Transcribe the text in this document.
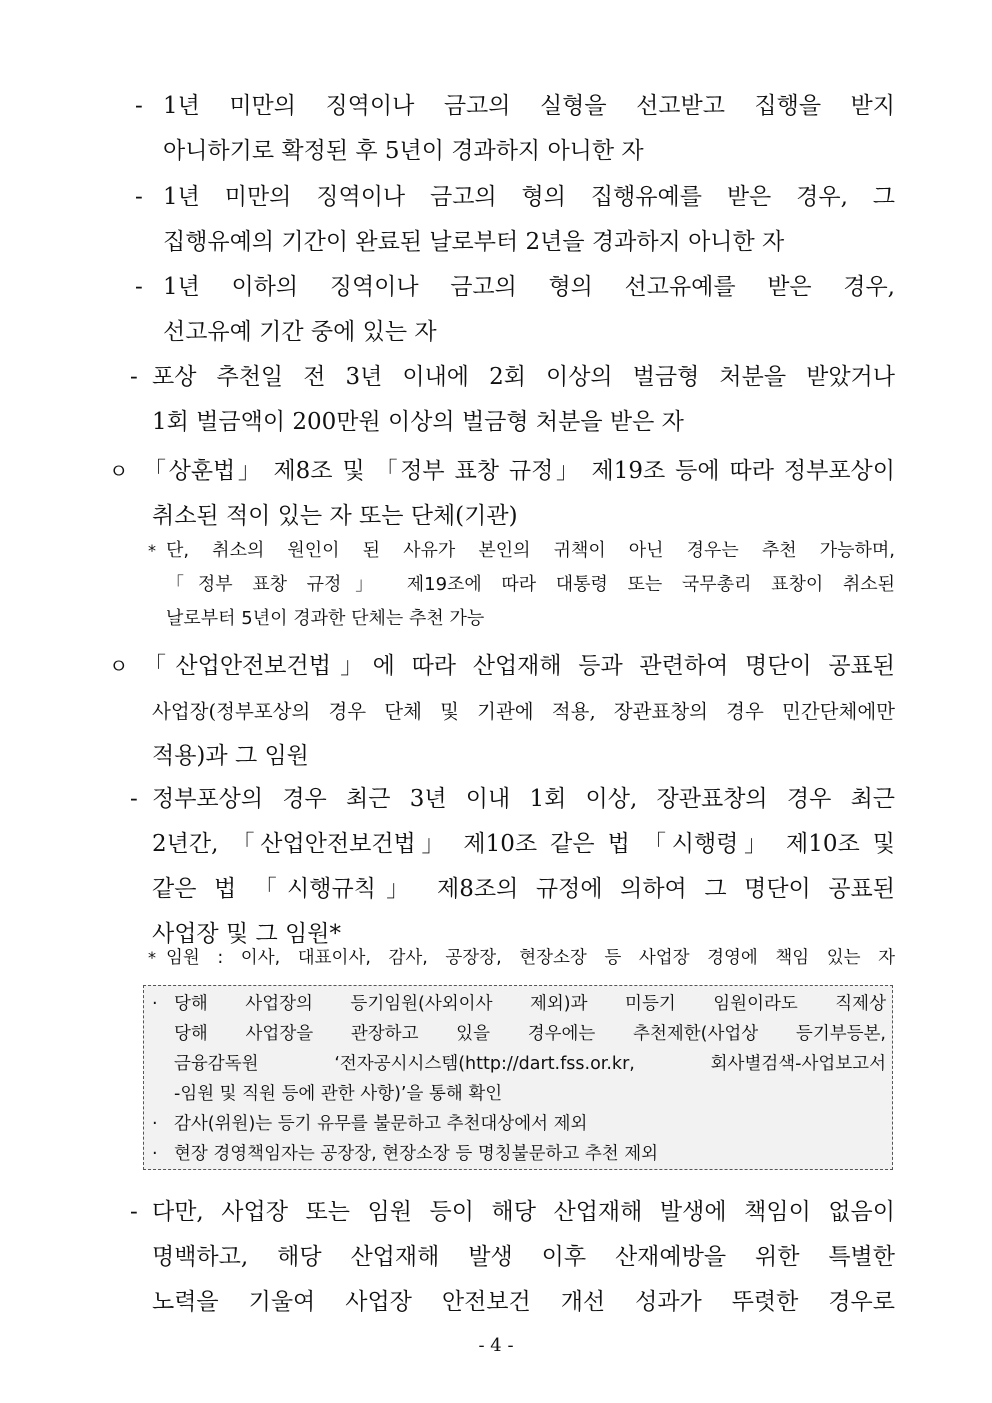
- 1년 미만의 징역이나 금고의 실형을 선고받고 집행을 받지
아니하기로 확정된 후 5년이 경과하지 아니한 자
- 1년 미만의 징역이나 금고의 형의 집행유예를 받은 경우, 그
집행유예의 기간이 완료된 날로부터 2년을 경과하지 아니한 자
- 1년 이하의 징역이나 금고의 형의 선고유예를 받은 경우,
선고유예 기간 중에 있는 자
- 포상 추천일 전 3년 이내에 2회 이상의 벌금형 처분을 받았거나
1회 벌금액이 200만원 이상의 벌금형 처분을 받은 자
ㅇ 「상훈법」 제8조 및 「정부 표창 규정」 제19조 등에 따라 정부포상이
취소된 적이 있는 자 또는 단체(기관)
* 단, 취소의 원인이 된 사유가 본인의 귀책이 아닌 경우는 추천 가능하며,
「정부 표창 규정」 제19조에 따라 대통령 또는 국무총리 표창이 취소된
날로부터 5년이 경과한 단체는 추천 가능
ㅇ 「산업안전보건법」에 따라 산업재해 등과 관련하여 명단이 공표된
사업장(정부포상의 경우 단체 및 기관에 적용, 장관표창의 경우 민간단체에만
적용)과 그 임원
- 정부포상의 경우 최근 3년 이내 1회 이상, 장관표창의 경우 최근
2년간, 「산업안전보건법」 제10조 같은 법 「시행령」 제10조 및
같은 법 「시행규칙」 제8조의 규정에 의하여 그 명단이 공표된
사업장 및 그 임원*
* 임원 : 이사, 대표이사, 감사, 공장장, 현장소장 등 사업장 경영에 책임 있는 자
· 당해 사업장의 등기임원(사외이사 제외)과 미등기 임원이라도 직제상
당해 사업장을 관장하고 있을 경우에는 추천제한(사업상 등기부등본,
금융감독원 ‘전자공시시스템(http://dart.fss.or.kr, 회사별검색-사업보고서
-임원 및 직원 등에 관한 사항)’을 통해 확인
· 감사(위원)는 등기 유무를 불문하고 추천대상에서 제외
· 현장 경영책임자는 공장장, 현장소장 등 명칭불문하고 추천 제외
- 다만, 사업장 또는 임원 등이 해당 산업재해 발생에 책임이 없음이
명백하고, 해당 산업재해 발생 이후 산재예방을 위한 특별한
노력을 기울여 사업장 안전보건 개선 성과가 뚜렷한 경우로
- 4 -
